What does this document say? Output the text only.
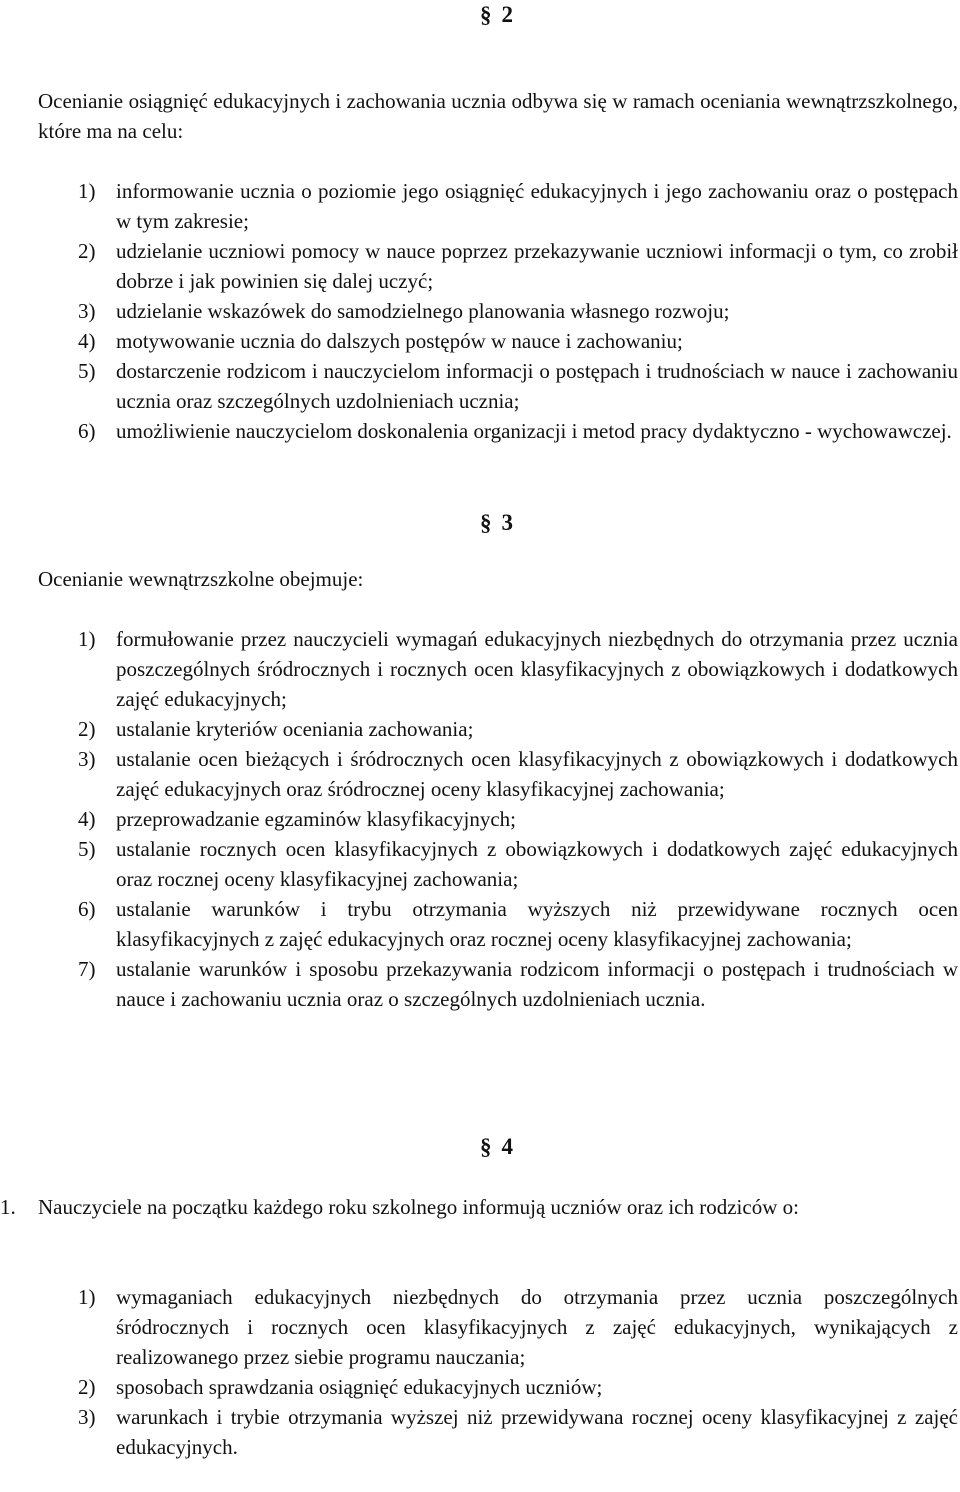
§ 2

Ocenianie osiągnięć edukacyjnych i zachowania ucznia odbywa się w ramach oceniania wewnątrzszkolnego, które ma na celu:

1) informowanie ucznia o poziomie jego osiągnięć edukacyjnych i jego zachowaniu oraz o postępach w tym zakresie;
2) udzielanie uczniowi pomocy w nauce poprzez przekazywanie uczniowi informacji o tym, co zrobił dobrze i jak powinien się dalej uczyć;
3) udzielanie wskazówek do samodzielnego planowania własnego rozwoju;
4) motywowanie ucznia do dalszych postępów w nauce i zachowaniu;
5) dostarczenie rodzicom i nauczycielom informacji o postępach i trudnościach w nauce i zachowaniu ucznia oraz szczególnych uzdolnieniach ucznia;
6) umożliwienie nauczycielom doskonalenia organizacji i metod pracy dydaktyczno - wychowawczej.
§ 3
Ocenianie wewnątrzszkolne obejmuje:
1) formułowanie przez nauczycieli wymagań edukacyjnych niezbędnych do otrzymania przez ucznia poszczególnych śródrocznych i rocznych ocen klasyfikacyjnych z obowiązkowych i dodatkowych zajęć edukacyjnych;
2) ustalanie kryteriów oceniania zachowania;
3) ustalanie ocen bieżących i śródrocznych ocen klasyfikacyjnych z obowiązkowych i dodatkowych zajęć edukacyjnych oraz śródrocznej oceny klasyfikacyjnej zachowania;
4) przeprowadzanie egzaminów klasyfikacyjnych;
5) ustalanie rocznych ocen klasyfikacyjnych z obowiązkowych i dodatkowych zajęć edukacyjnych oraz rocznej oceny klasyfikacyjnej zachowania;
6) ustalanie warunków i trybu otrzymania wyższych niż przewidywane rocznych ocen klasyfikacyjnych z zajęć edukacyjnych oraz rocznej oceny klasyfikacyjnej zachowania;
7) ustalanie warunków i sposobu przekazywania rodzicom informacji o postępach i trudnościach w nauce i zachowaniu ucznia oraz o szczególnych uzdolnieniach ucznia.
§ 4
1.	Nauczyciele na początku każdego roku szkolnego informują uczniów oraz ich rodziców o:
1) wymaganiach edukacyjnych niezbędnych do otrzymania przez ucznia poszczególnych śródrocznych i rocznych ocen klasyfikacyjnych z zajęć edukacyjnych, wynikających z realizowanego przez siebie programu nauczania;
2) sposobach sprawdzania osiągnięć edukacyjnych uczniów;
3) warunkach i trybie otrzymania wyższej niż przewidywana rocznej oceny klasyfikacyjnej z zajęć edukacyjnych.
